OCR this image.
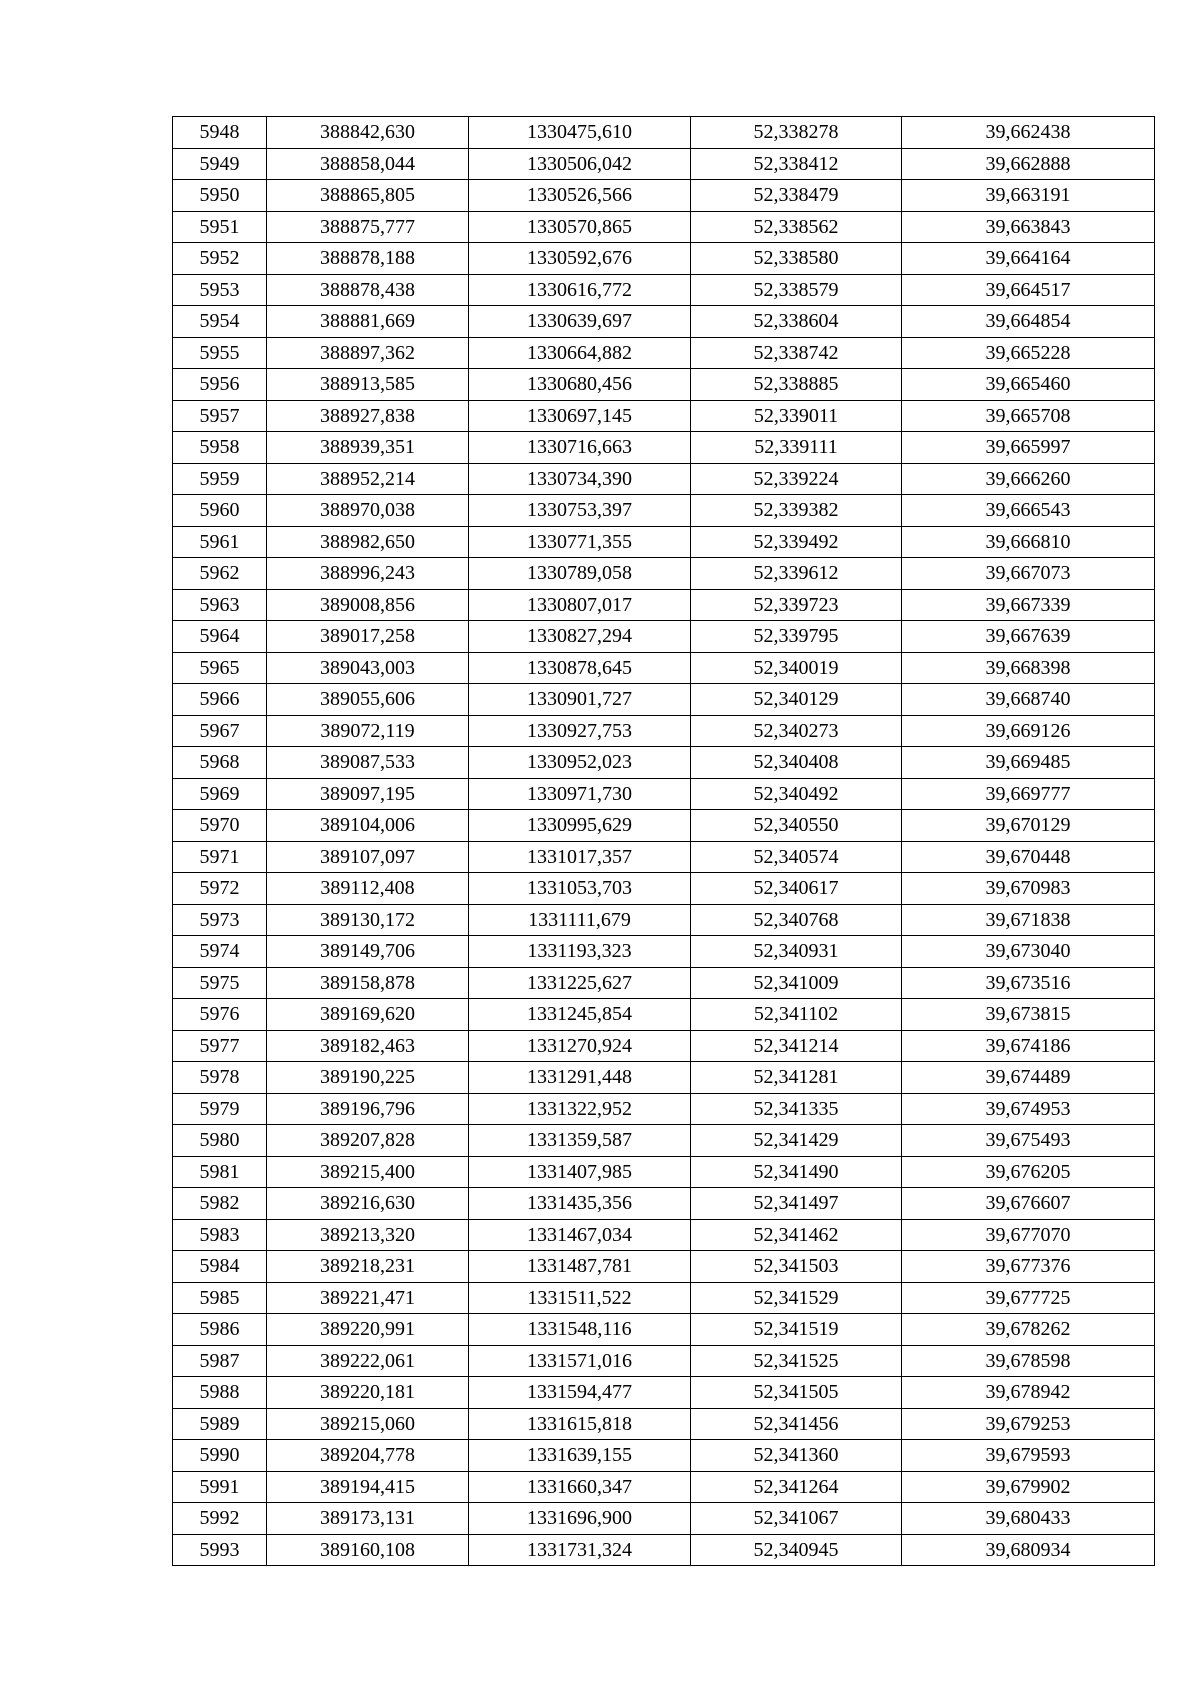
5948	388842,630	1330475,610	52,338278	39,662438
5949	388858,044	1330506,042	52,338412	39,662888
5950	388865,805	1330526,566	52,338479	39,663191
5951	388875,777	1330570,865	52,338562	39,663843
5952	388878,188	1330592,676	52,338580	39,664164
5953	388878,438	1330616,772	52,338579	39,664517
5954	388881,669	1330639,697	52,338604	39,664854
5955	388897,362	1330664,882	52,338742	39,665228
5956	388913,585	1330680,456	52,338885	39,665460
5957	388927,838	1330697,145	52,339011	39,665708
5958	388939,351	1330716,663	52,339111	39,665997
5959	388952,214	1330734,390	52,339224	39,666260
5960	388970,038	1330753,397	52,339382	39,666543
5961	388982,650	1330771,355	52,339492	39,666810
5962	388996,243	1330789,058	52,339612	39,667073
5963	389008,856	1330807,017	52,339723	39,667339
5964	389017,258	1330827,294	52,339795	39,667639
5965	389043,003	1330878,645	52,340019	39,668398
5966	389055,606	1330901,727	52,340129	39,668740
5967	389072,119	1330927,753	52,340273	39,669126
5968	389087,533	1330952,023	52,340408	39,669485
5969	389097,195	1330971,730	52,340492	39,669777
5970	389104,006	1330995,629	52,340550	39,670129
5971	389107,097	1331017,357	52,340574	39,670448
5972	389112,408	1331053,703	52,340617	39,670983
5973	389130,172	1331111,679	52,340768	39,671838
5974	389149,706	1331193,323	52,340931	39,673040
5975	389158,878	1331225,627	52,341009	39,673516
5976	389169,620	1331245,854	52,341102	39,673815
5977	389182,463	1331270,924	52,341214	39,674186
5978	389190,225	1331291,448	52,341281	39,674489
5979	389196,796	1331322,952	52,341335	39,674953
5980	389207,828	1331359,587	52,341429	39,675493
5981	389215,400	1331407,985	52,341490	39,676205
5982	389216,630	1331435,356	52,341497	39,676607
5983	389213,320	1331467,034	52,341462	39,677070
5984	389218,231	1331487,781	52,341503	39,677376
5985	389221,471	1331511,522	52,341529	39,677725
5986	389220,991	1331548,116	52,341519	39,678262
5987	389222,061	1331571,016	52,341525	39,678598
5988	389220,181	1331594,477	52,341505	39,678942
5989	389215,060	1331615,818	52,341456	39,679253
5990	389204,778	1331639,155	52,341360	39,679593
5991	389194,415	1331660,347	52,341264	39,679902
5992	389173,131	1331696,900	52,341067	39,680433
5993	389160,108	1331731,324	52,340945	39,680934
